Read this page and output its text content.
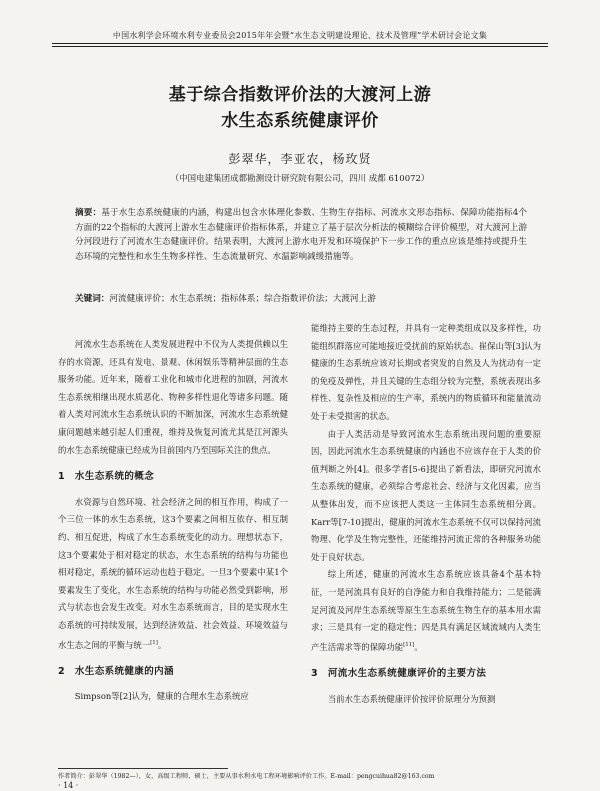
中国水利学会环境水利专业委员会2015年年会暨“水生态文明建设理论、技术及管理”学术研讨会论文集
基于综合指数评价法的大渡河上游
水生态系统健康评价
彭翠华，李亚农，杨玫贤
（中国电建集团成都勘测设计研究院有限公司，四川 成都 610072）
摘要：基于水生态系统健康的内涵，构建出包含水体理化参数、生物生存指标、河流水文形态指标、保障功能指标4个方面的22个指标的大渡河上游水生态健康评价指标体系，并建立了基于层次分析法的模糊综合评价模型，对大渡河上游分河段进行了河流水生态健康评价。结果表明，大渡河上游水电开发和环境保护下一步工作的重点应该是维持或提升生态环境的完整性和水生生物多样性、生态流量研究、水温影响减缓措施等。
关键词：河流健康评价；水生态系统；指标体系；综合指数评价法；大渡河上游

河流水生态系统在人类发展进程中不仅为人类提供赖以生存的水资源，还具有发电、景观、休闲娱乐等精神层面的生态服务功能。近年来，随着工业化和城市化进程的加剧，河流水生态系统相继出现水质恶化、物种多样性退化等诸多问题。随着人类对河流水生态系统认识的不断加深，河流水生态系统健康问题越来越引起人们重视，维持及恢复河流尤其是江河源头的水生态系统健康已经成为目前国内乃至国际关注的焦点。

1　水生态系统的概念

水资源与自然环境、社会经济之间的相互作用，构成了一个三位一体的水生态系统，这3个要素之间相互依存、相互制约、相互促进，构成了水生态系统变化的动力。理想状态下，这3个要素处于相对稳定的状态，水生态系统的结构与功能也相对稳定，系统的循环运动也趋于稳定。一旦3个要素中某1个要素发生了变化，水生态系统的结构与功能必然受到影响，形式与状态也会发生改变。对水生态系统而言，目的是实现水生态系统的可持续发展，达到经济效益、社会效益、环境效益与水生态之间的平衡与统一[1]。

2　水生态系统健康的内涵

Simpson等[2]认为，健康的合理水生态系统应

能维持主要的生态过程，并具有一定种类组成以及多样性，功能组织群落应可能地接近受扰前的原始状态。崔保山等[3]认为健康的生态系统应该对长期或者突发的自然及人为扰动有一定的免疫及弹性，并且关键的生态组分较为完整，系统表现出多样性、复杂性及相应的生产率，系统内的物质循环和能量流动处于未受损害的状态。

由于人类活动是导致河流水生态系统出现问题的重要原因，因此河流水生态系统健康的内涵也不应该存在于人类的价值判断之外[4]。很多学者[5-6]提出了新看法，即研究河流水生态系统的健康，必须综合考虑社会、经济与文化因素，应当从整体出发，而不应该把人类这一主体同生态系统相分离。Karr等[7-10]提出，健康的河流水生态系统不仅可以保持河流物理、化学及生物完整性，还能维持河流正常的各种服务功能处于良好状态。

综上所述，健康的河流水生态系统应该具备4个基本特征，一是河流具有良好的自净能力和自我维持能力；二是能满足河流及河岸生态系统等原生生态系统生物生存的基本用水需求；三是具有一定的稳定性；四是具有满足区域流域内人类生产生活需求等的保障功能[11]。

3　河流水生态系统健康评价的主要方法

当前水生态系统健康评价按评价原理分为预测

作者简介：彭翠华（1982—），女，高级工程师，硕士，主要从事水利水电工程环境影响评价工作。E-mail：pengcuihua82@163.com
· 14 ·
